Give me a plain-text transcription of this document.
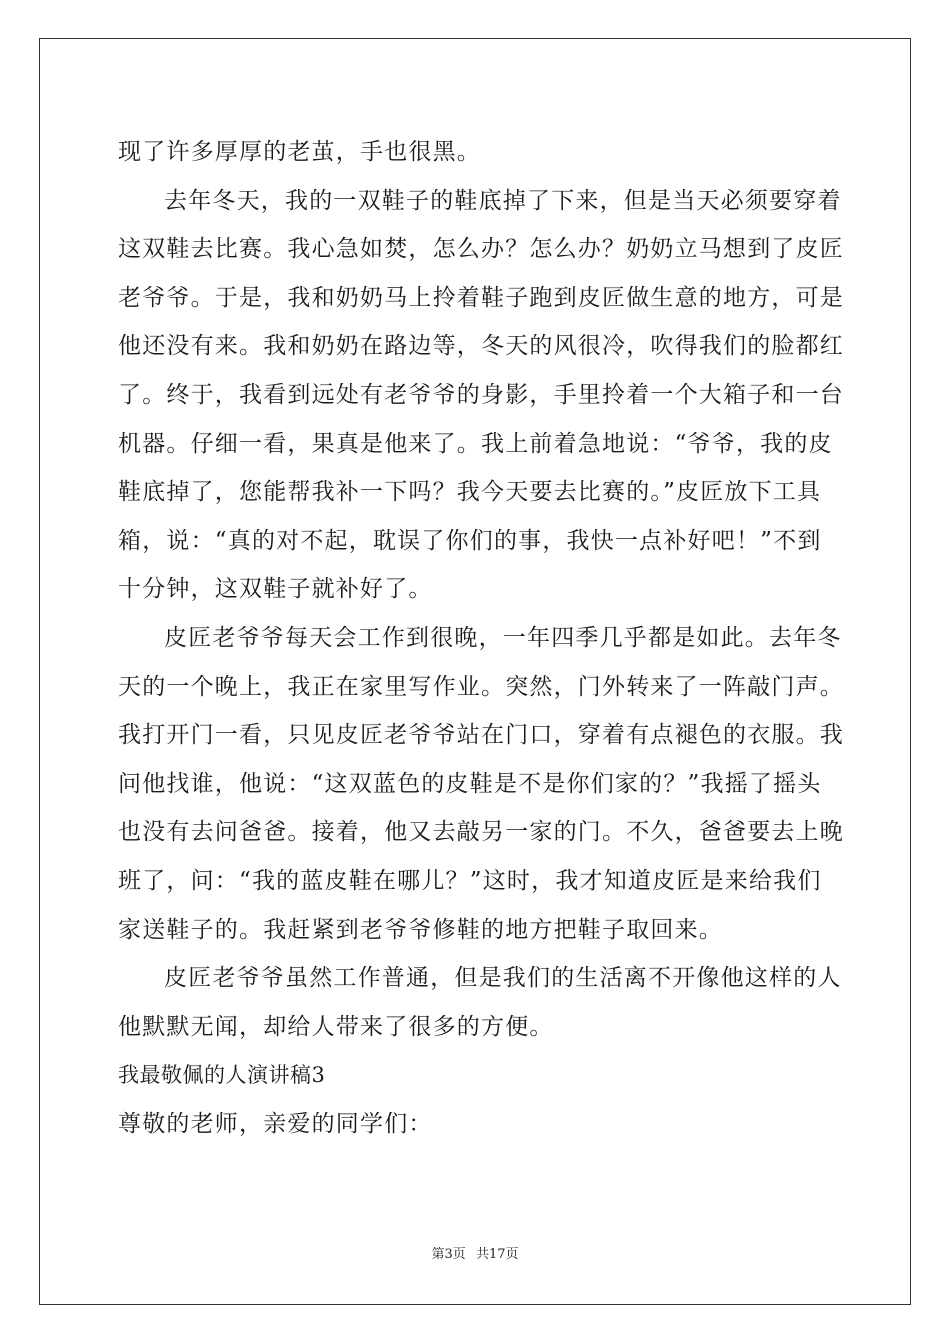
现了许多厚厚的老茧，手也很黑。
去年冬天，我的一双鞋子的鞋底掉了下来，但是当天必须要穿着
这双鞋去比赛。我心急如焚，怎么办？怎么办？奶奶立马想到了皮匠
老爷爷。于是，我和奶奶马上拎着鞋子跑到皮匠做生意的地方，可是
他还没有来。我和奶奶在路边等，冬天的风很冷，吹得我们的脸都红
了。终于，我看到远处有老爷爷的身影，手里拎着一个大箱子和一台
机器。仔细一看，果真是他来了。我上前着急地说：“爷爷，我的皮
鞋底掉了，您能帮我补一下吗？我今天要去比赛的。”皮匠放下工具
箱，说：“真的对不起，耽误了你们的事，我快一点补好吧！”不到
十分钟，这双鞋子就补好了。
皮匠老爷爷每天会工作到很晚，一年四季几乎都是如此。去年冬
天的一个晚上，我正在家里写作业。突然，门外转来了一阵敲门声。
我打开门一看，只见皮匠老爷爷站在门口，穿着有点褪色的衣服。我
问他找谁，他说：“这双蓝色的皮鞋是不是你们家的？”我摇了摇头
也没有去问爸爸。接着，他又去敲另一家的门。不久，爸爸要去上晚
班了，问：“我的蓝皮鞋在哪儿？”这时，我才知道皮匠是来给我们
家送鞋子的。我赶紧到老爷爷修鞋的地方把鞋子取回来。
皮匠老爷爷虽然工作普通，但是我们的生活离不开像他这样的人
他默默无闻，却给人带来了很多的方便。
我最敬佩的人演讲稿3
尊敬的老师，亲爱的同学们：
第3页 共17页
